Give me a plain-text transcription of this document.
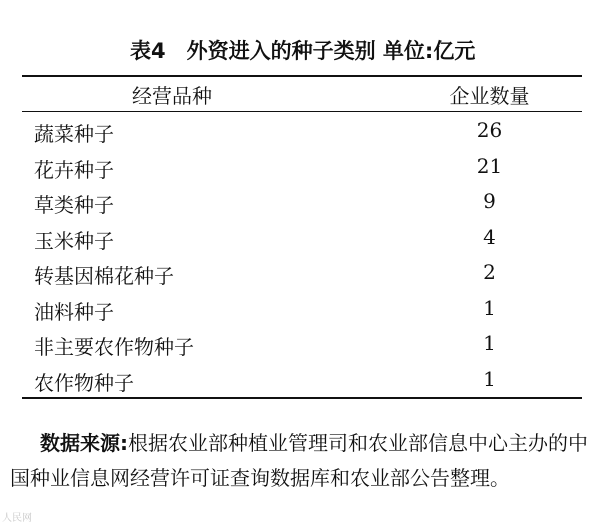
表4　外资进入的种子类别 单位:亿元
经营品种	企业数量
蔬菜种子	26
花卉种子	21
草类种子	9
玉米种子	4
转基因棉花种子	2
油料种子	1
非主要农作物种子	1
农作物种子	1

数据来源:根据农业部种植业管理司和农业部信息中心主办的中国种业信息网经营许可证查询数据库和农业部公告整理。

人民网
